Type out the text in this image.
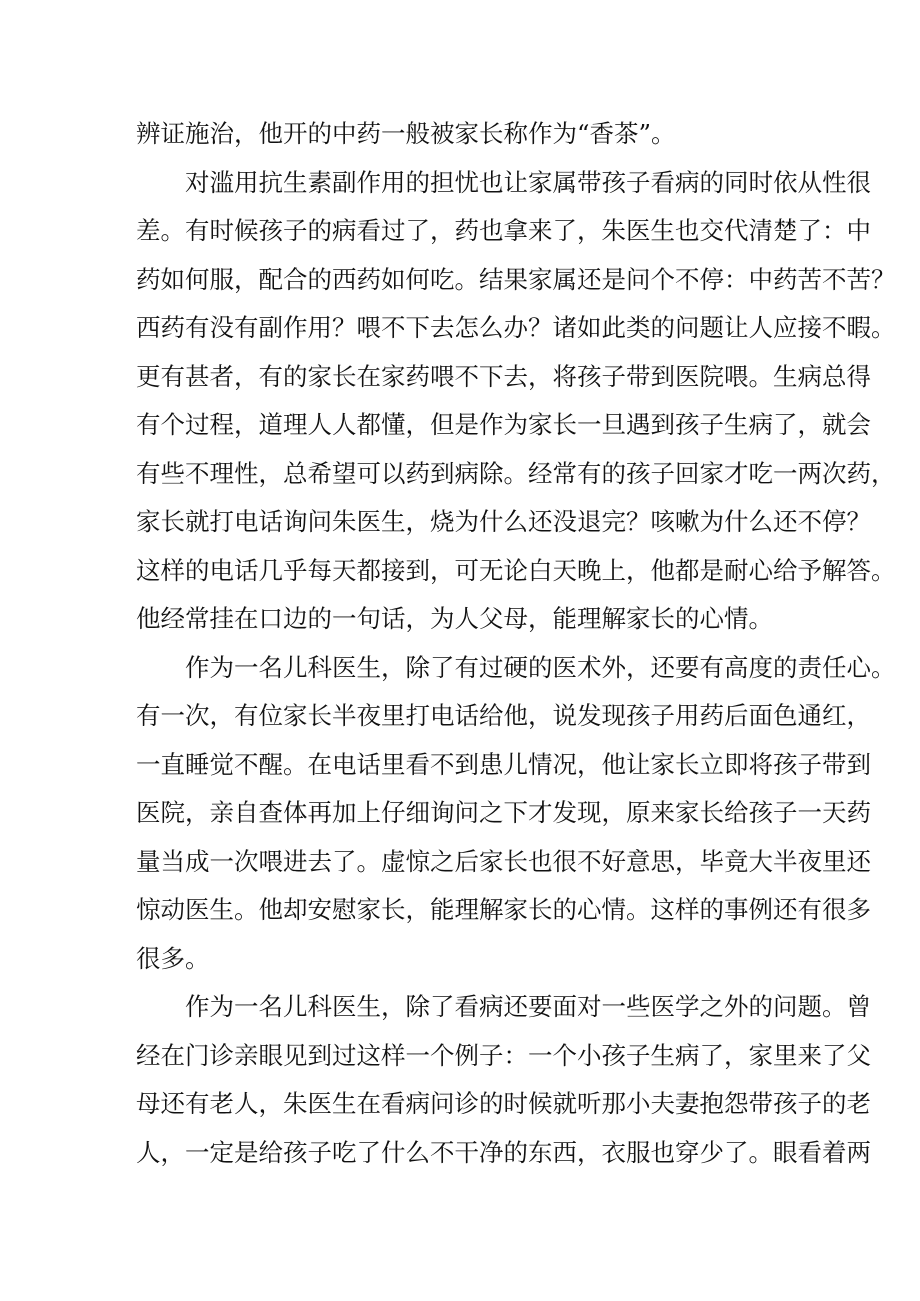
辨证施治，他开的中药一般被家长称作为“香茶”。
对滥用抗生素副作用的担忧也让家属带孩子看病的同时依从性很
差。有时候孩子的病看过了，药也拿来了，朱医生也交代清楚了：中
药如何服，配合的西药如何吃。结果家属还是问个不停：中药苦不苦？
西药有没有副作用？喂不下去怎么办？诸如此类的问题让人应接不暇。
更有甚者，有的家长在家药喂不下去，将孩子带到医院喂。生病总得
有个过程，道理人人都懂，但是作为家长一旦遇到孩子生病了，就会
有些不理性，总希望可以药到病除。经常有的孩子回家才吃一两次药，
家长就打电话询问朱医生，烧为什么还没退完？咳嗽为什么还不停？
这样的电话几乎每天都接到，可无论白天晚上，他都是耐心给予解答。
他经常挂在口边的一句话，为人父母，能理解家长的心情。
作为一名儿科医生，除了有过硬的医术外，还要有高度的责任心。
有一次，有位家长半夜里打电话给他，说发现孩子用药后面色通红，
一直睡觉不醒。在电话里看不到患儿情况，他让家长立即将孩子带到
医院，亲自查体再加上仔细询问之下才发现，原来家长给孩子一天药
量当成一次喂进去了。虚惊之后家长也很不好意思，毕竟大半夜里还
惊动医生。他却安慰家长，能理解家长的心情。这样的事例还有很多
很多。
作为一名儿科医生，除了看病还要面对一些医学之外的问题。曾
经在门诊亲眼见到过这样一个例子：一个小孩子生病了，家里来了父
母还有老人，朱医生在看病问诊的时候就听那小夫妻抱怨带孩子的老
人，一定是给孩子吃了什么不干净的东西，衣服也穿少了。眼看着两
